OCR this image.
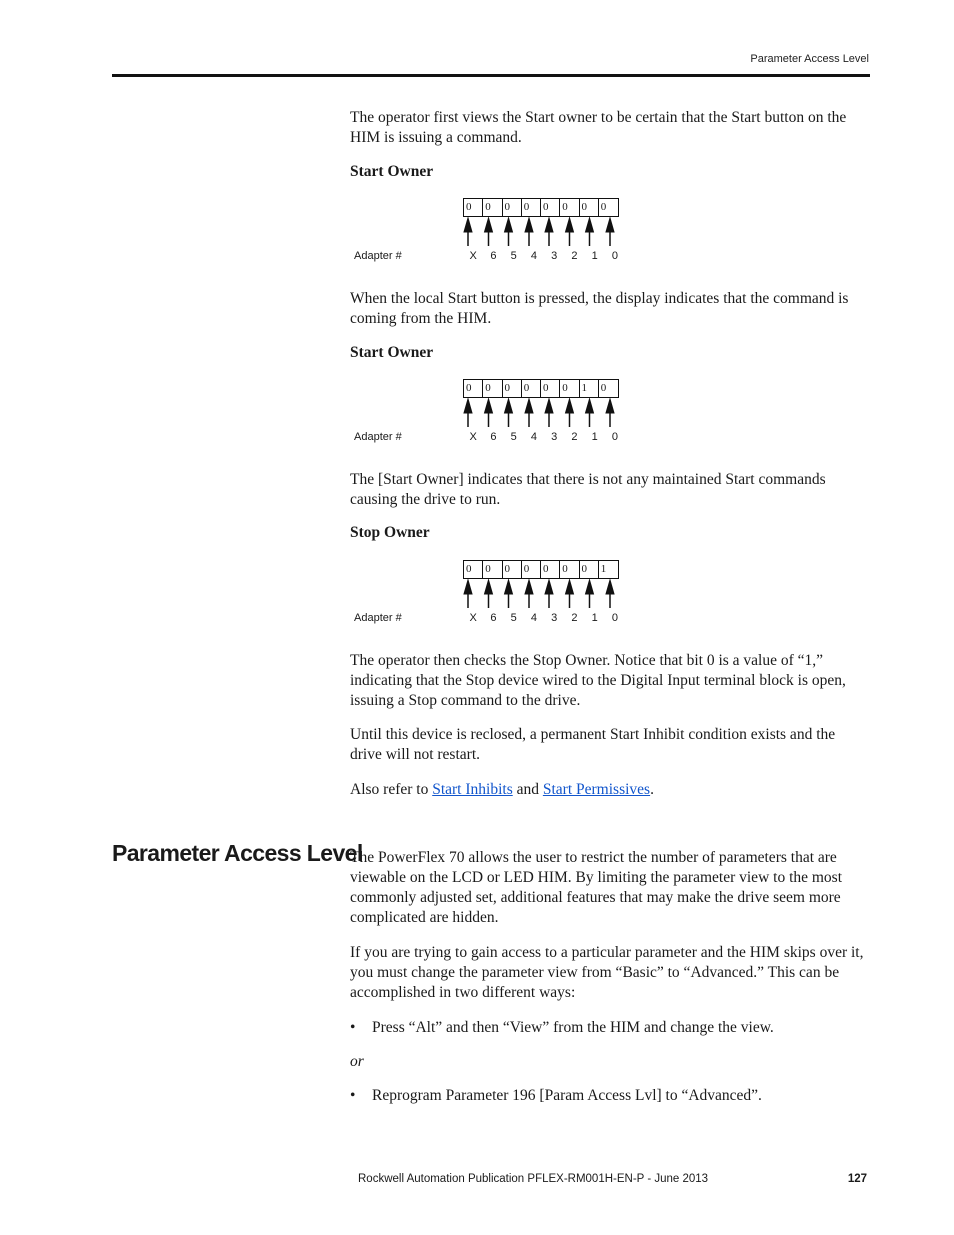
Parameter Access Level

The operator first views the Start owner to be certain that the Start button on the HIM is issuing a command.

Start Owner
0	0	0	0	0	0	0	0
Adapter #	X	6	5	4	3	2	1	0

When the local Start button is pressed, the display indicates that the command is coming from the HIM.

Start Owner
0	0	0	0	0	0	1	0
Adapter #	X	6	5	4	3	2	1	0

The [Start Owner] indicates that there is not any maintained Start commands causing the drive to run.

Stop Owner
0	0	0	0	0	0	0	1
Adapter #	X	6	5	4	3	2	1	0

The operator then checks the Stop Owner. Notice that bit 0 is a value of “1,” indicating that the Stop device wired to the Digital Input terminal block is open, issuing a Stop command to the drive.

Until this device is reclosed, a permanent Start Inhibit condition exists and the drive will not restart.

Also refer to Start Inhibits and Start Permissives.

Parameter Access Level

The PowerFlex 70 allows the user to restrict the number of parameters that are viewable on the LCD or LED HIM. By limiting the parameter view to the most commonly adjusted set, additional features that may make the drive seem more complicated are hidden.

If you are trying to gain access to a particular parameter and the HIM skips over it, you must change the parameter view from “Basic” to “Advanced.” This can be accomplished in two different ways:

• Press “Alt” and then “View” from the HIM and change the view.
or
• Reprogram Parameter 196 [Param Access Lvl] to “Advanced”.
Rockwell Automation Publication PFLEX-RM001H-EN-P - June 2013	127
